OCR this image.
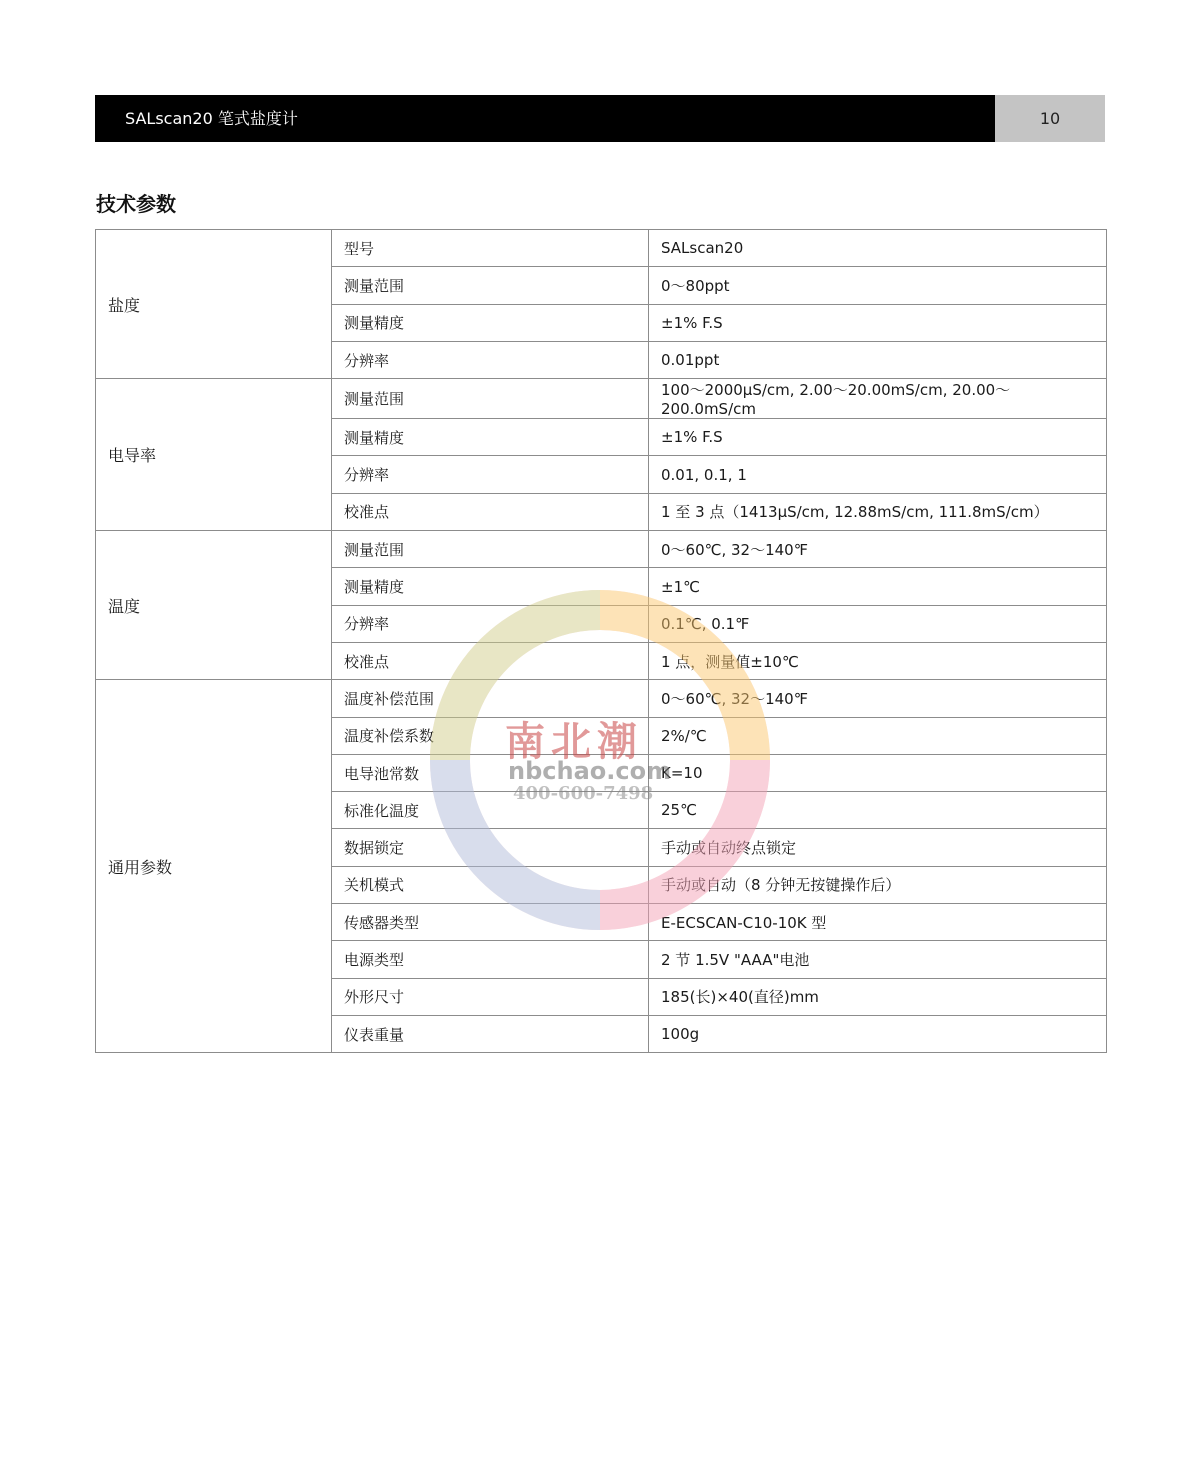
SALscan20 笔式盐度计	10
技术参数
盐度	型号	SALscan20
	测量范围	0～80ppt
	测量精度	±1% F.S
	分辨率	0.01ppt
电导率	测量范围	100～2000μS/cm, 2.00～20.00mS/cm, 20.00～200.0mS/cm
	测量精度	±1% F.S
	分辨率	0.01, 0.1, 1
	校准点	1 至 3 点（1413μS/cm, 12.88mS/cm, 111.8mS/cm）
温度	测量范围	0～60℃, 32～140℉
	测量精度	±1℃
	分辨率	0.1℃, 0.1℉
	校准点	1 点，测量值±10℃
通用参数	温度补偿范围	0～60℃, 32～140℉
	温度补偿系数	2%/℃
	电导池常数	K=10
	标准化温度	25℃
	数据锁定	手动或自动终点锁定
	关机模式	手动或自动（8 分钟无按键操作后）
	传感器类型	E-ECSCAN-C10-10K 型
	电源类型	2 节 1.5V "AAA"电池
	外形尺寸	185(长)×40(直径)mm
	仪表重量	100g
南北潮
nbchao.com
400-600-7498
